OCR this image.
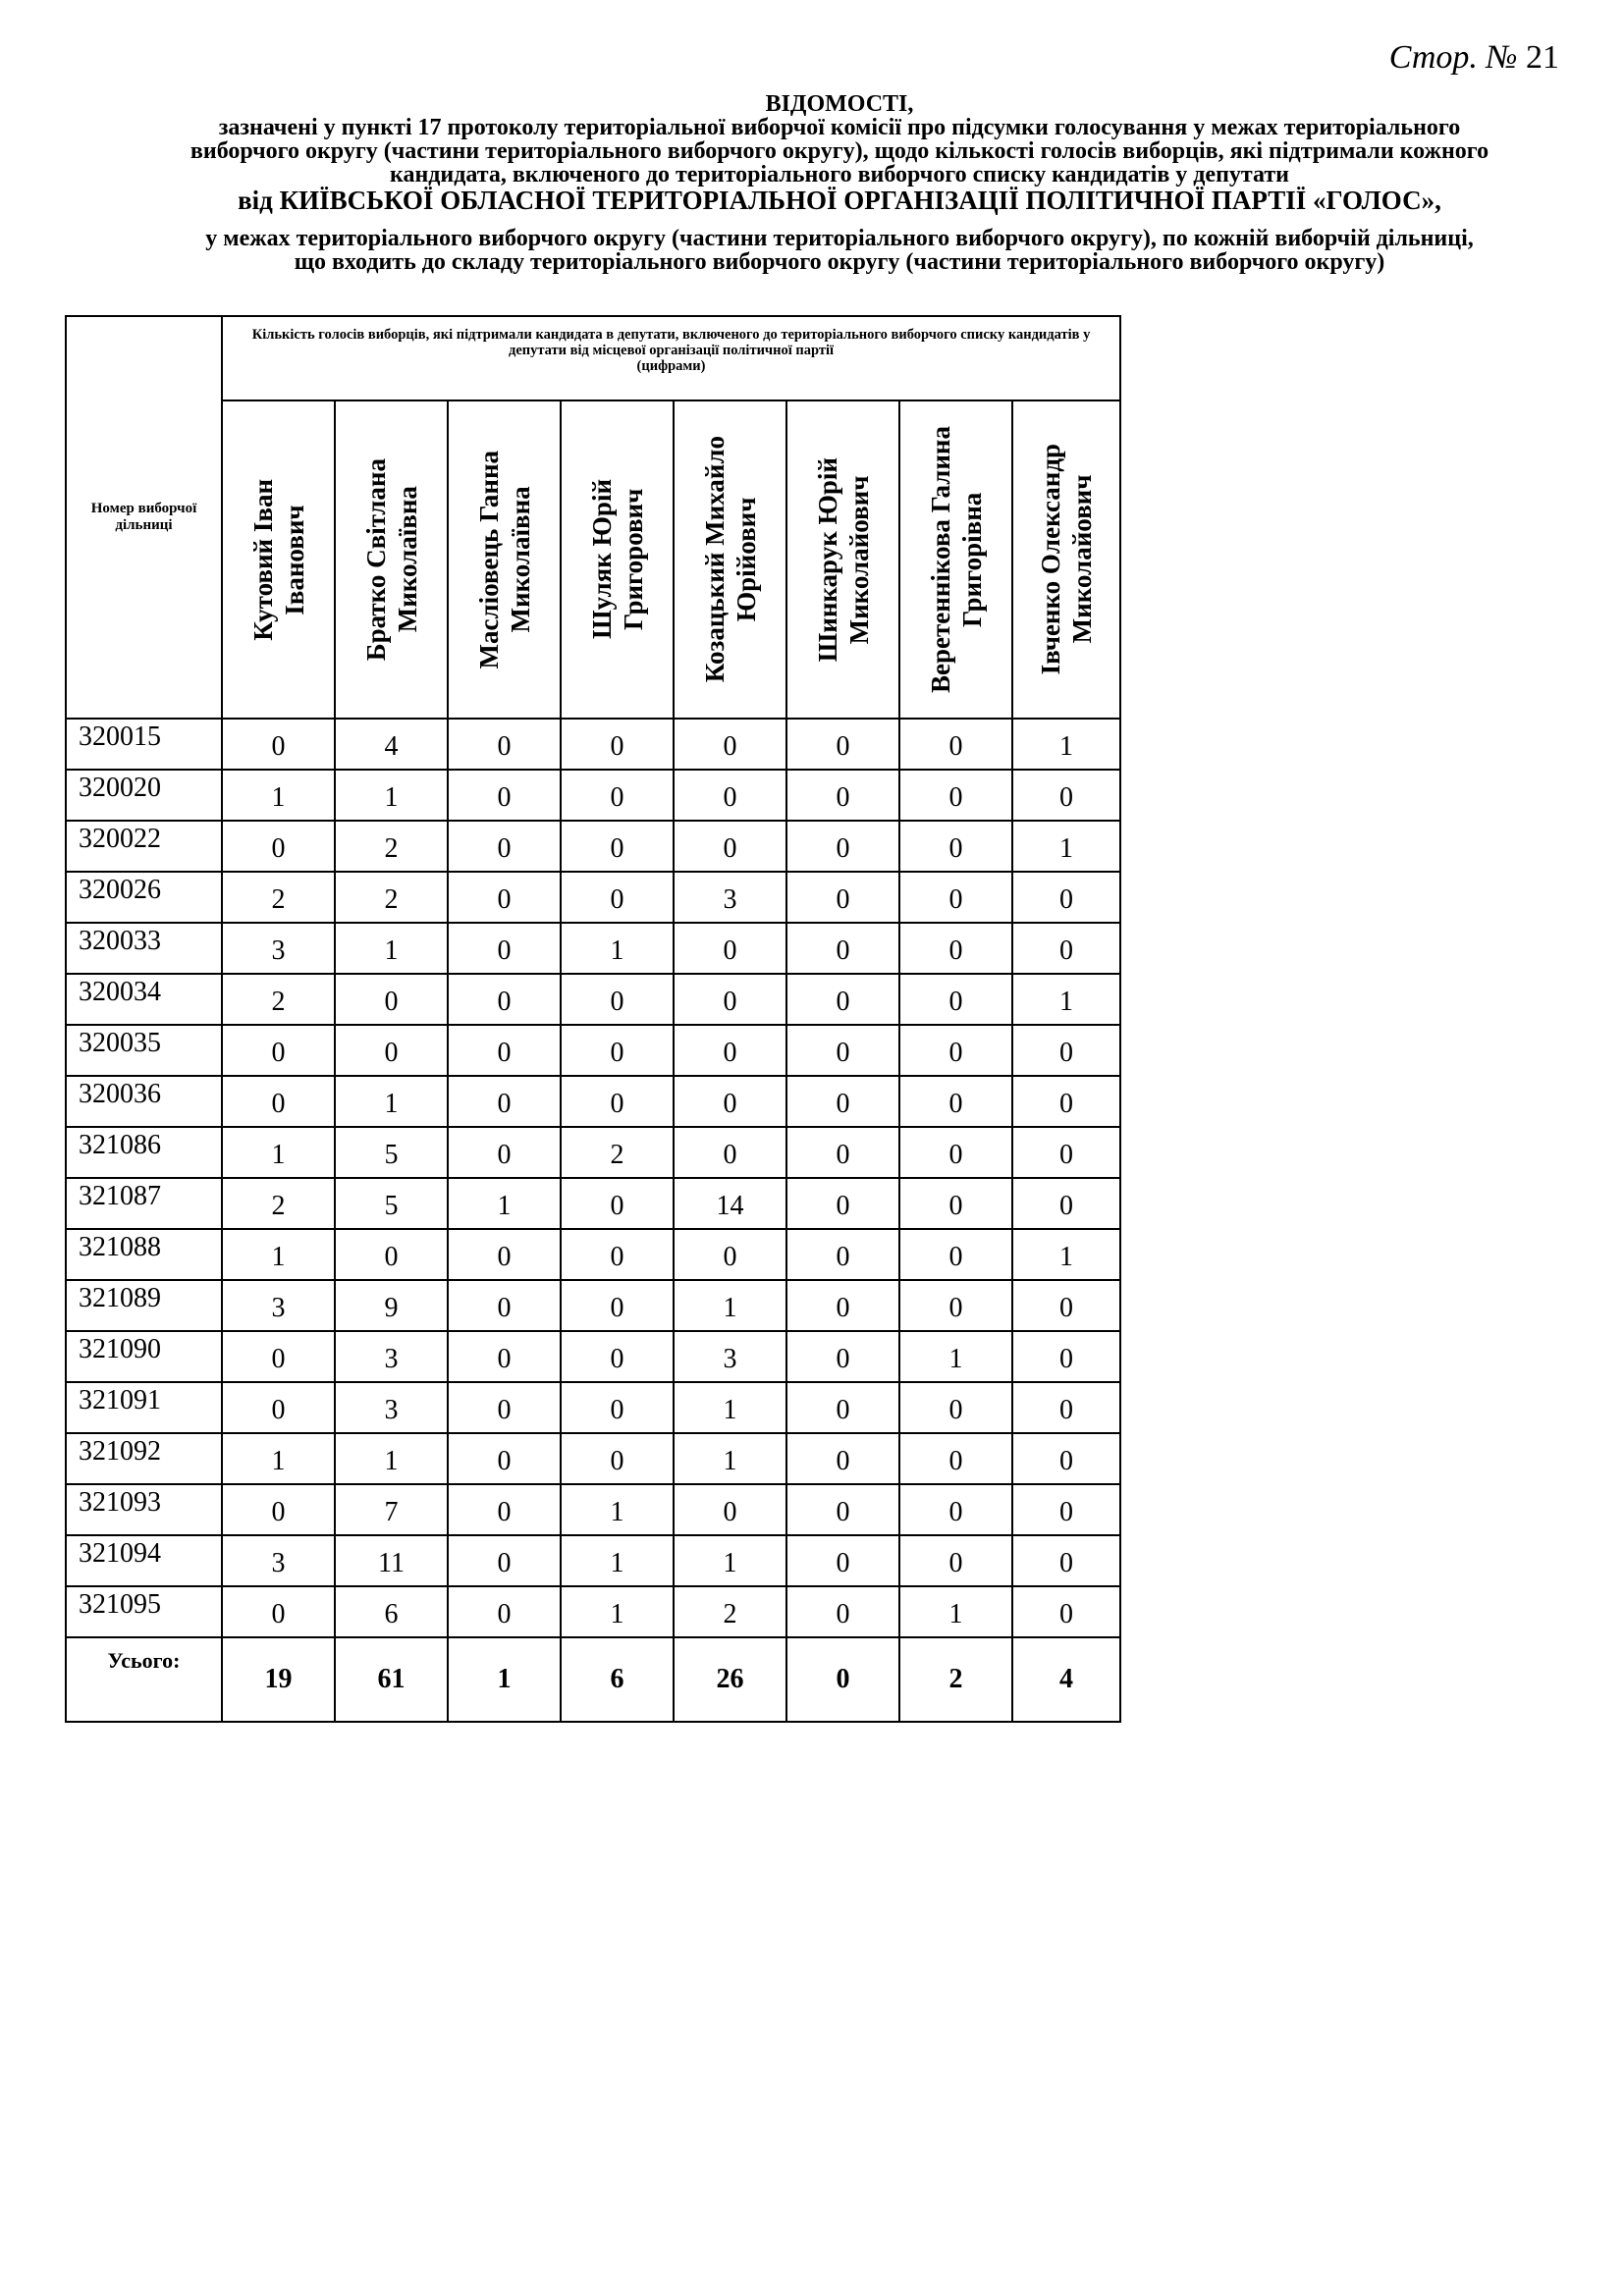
Стор. № 21
ВІДОМОСТІ,
зазначені у пункті 17 протоколу територіальної виборчої комісії про підсумки голосування у межах територіального
виборчого округу (частини територіального виборчого округу), щодо кількості голосів виборців, які підтримали кожного
кандидата, включеного до територіального виборчого списку кандидатів у депутати
від КИЇВСЬКОЇ ОБЛАСНОЇ ТЕРИТОРІАЛЬНОЇ ОРГАНІЗАЦІЇ ПОЛІТИЧНОЇ ПАРТІЇ «ГОЛОС»,
у межах територіального виборчого округу (частини територіального виборчого округу), по кожній виборчій дільниці,
що входить до складу територіального виборчого округу (частини територіального виборчого округу)
Номер виборчої дільниці	Кількість голосів виборців, які підтримали кандидата в депутати, включеного до територіального виборчого списку кандидатів у депутати від місцевої організації політичної партії
(цифрами)							

	Кутовий Іван Іванович	Братко Світлана Миколаївна	Масліовець Ганна Миколаївна	Шуляк Юрій Григорович	Козацький Михайло Юрійович	Шинкарук Юрій Миколайович	Веретеннікова Галина Григорівна	Івченко Олександр Миколайович

320015	0	4	0	0	0	0	0	1
320020	1	1	0	0	0	0	0	0
320022	0	2	0	0	0	0	0	1
320026	2	2	0	0	3	0	0	0
320033	3	1	0	1	0	0	0	0
320034	2	0	0	0	0	0	0	1
320035	0	0	0	0	0	0	0	0
320036	0	1	0	0	0	0	0	0
321086	1	5	0	2	0	0	0	0
321087	2	5	1	0	14	0	0	0
321088	1	0	0	0	0	0	0	1
321089	3	9	0	0	1	0	0	0
321090	0	3	0	0	3	0	1	0
321091	0	3	0	0	1	0	0	0
321092	1	1	0	0	1	0	0	0
321093	0	7	0	1	0	0	0	0
321094	3	11	0	1	1	0	0	0
321095	0	6	0	1	2	0	1	0
Усього:	19	61	1	6	26	0	2	4
